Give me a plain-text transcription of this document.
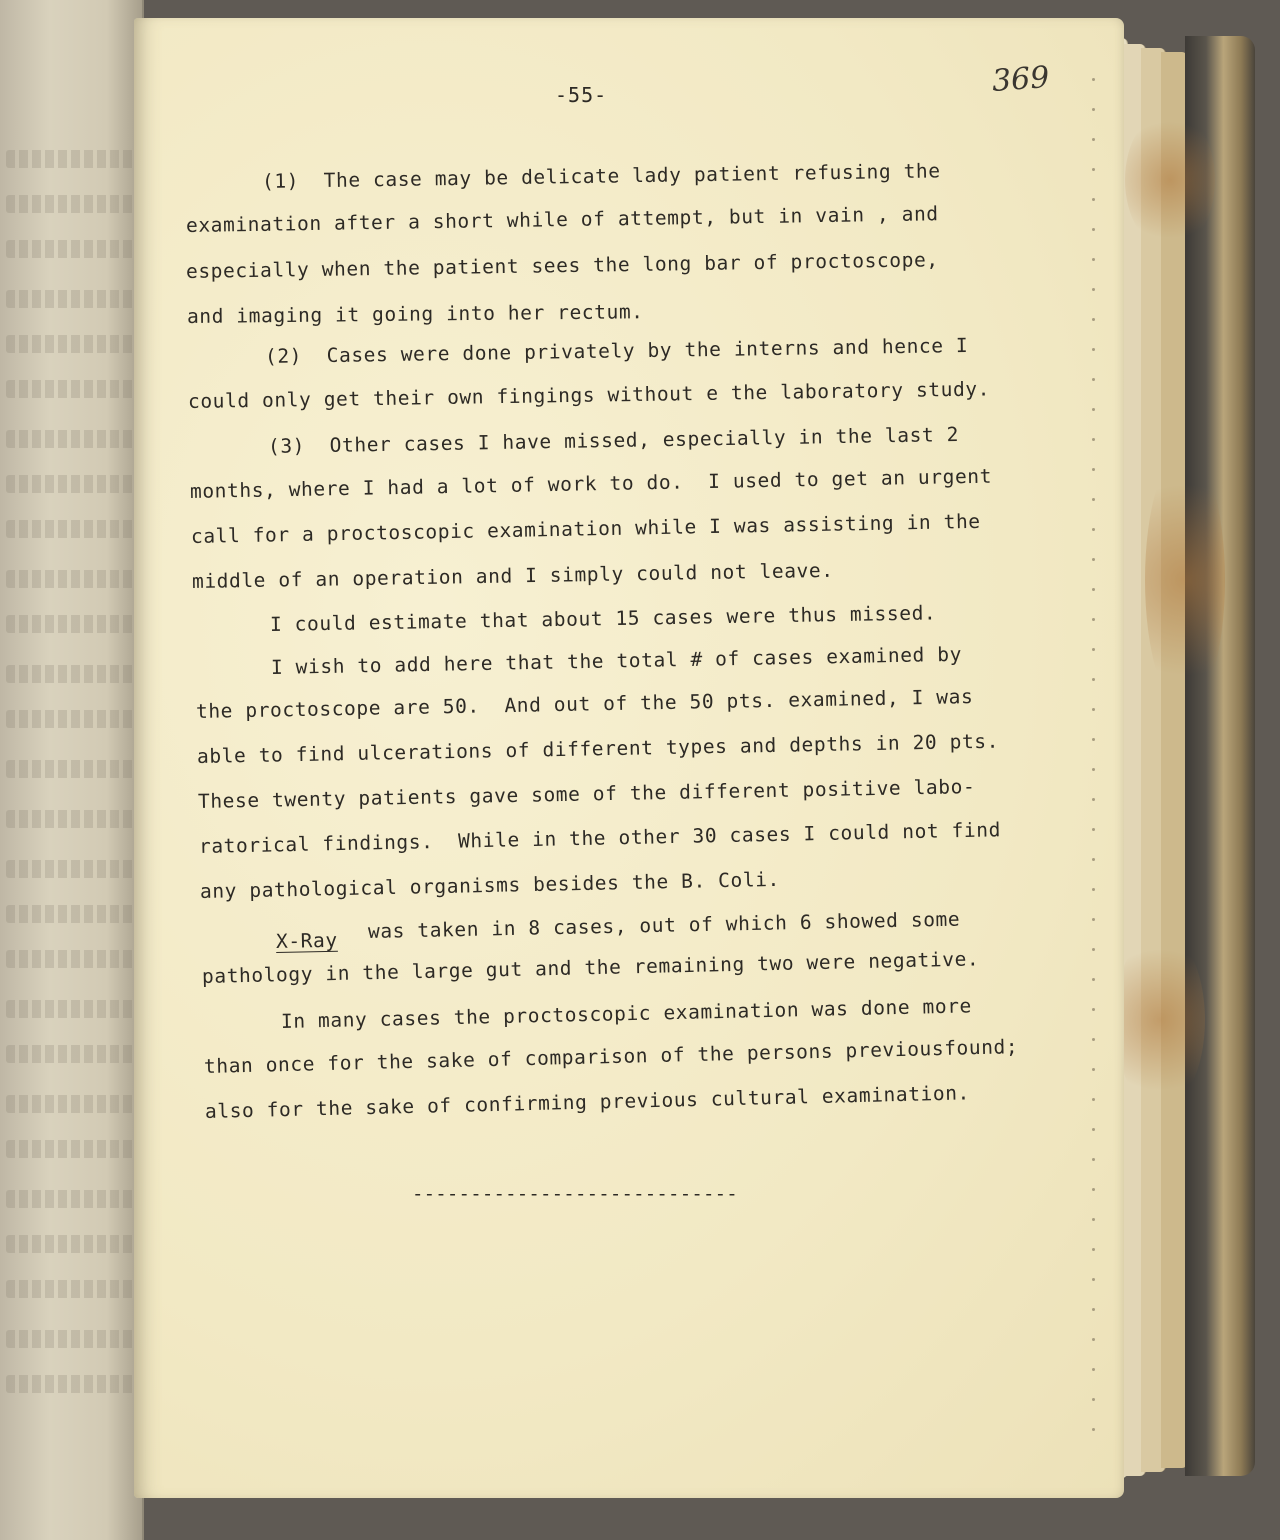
-55-	369
(1)  The case may be delicate lady patient refusing the
examination after a short while of attempt, but in vain , and
especially when the patient sees the long bar of proctoscope,
and imaging it going into her rectum.
(2)  Cases were done privately by the interns and hence I
could only get their own fingings without e the laboratory study.
(3)  Other cases I have missed, especially in the last 2
months, where I had a lot of work to do.  I used to get an urgent
call for a proctoscopic examination while I was assisting in the
middle of an operation and I simply could not leave.
I could estimate that about 15 cases were thus missed.
I wish to add here that the total # of cases examined by
the proctoscope are 50.  And out of the 50 pts. examined, I was
able to find ulcerations of different types and depths in 20 pts.
These twenty patients gave some of the different positive labo-
ratorical findings.  While in the other 30 cases I could not find
any pathological organisms besides the B. Coli.
X-Ray was taken in 8 cases, out of which 6 showed some
pathology in the large gut and the remaining two were negative.
In many cases the proctoscopic examination was done more
than once for the sake of comparison of the persons previousfound;
also for the sake of confirming previous cultural examination.
----------------------------
